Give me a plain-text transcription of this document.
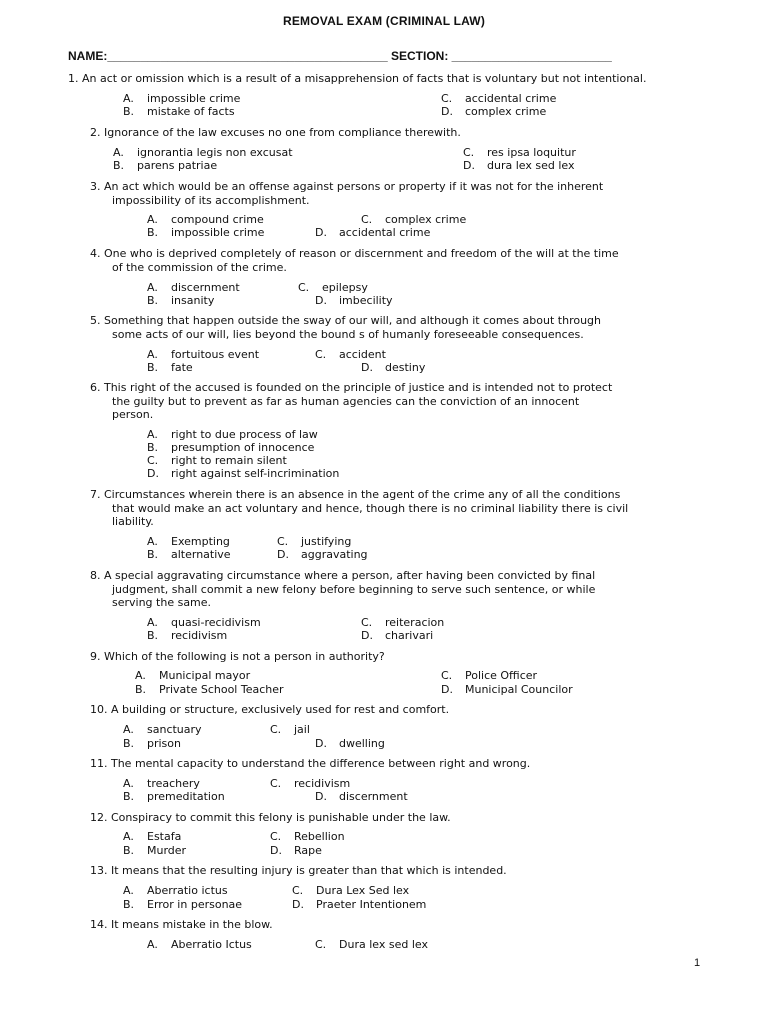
REMOVAL EXAM (CRIMINAL LAW)
NAME:__________________________________________ SECTION: ________________________
1. An act or omission which is a result of a misapprehension of facts that is voluntary but not intentional.
A. impossible crime	C. accidental crime
B. mistake of facts	D. complex crime
2. Ignorance of the law excuses no one from compliance therewith.
A. ignorantia legis non excusat	C. res ipsa loquitur
B. parens patriae	D. dura lex sed lex
3. An act which would be an offense against persons or property if it was not for the inherent
impossibility of its accomplishment.
A. compound crime	C. complex crime
B. impossible crime	D. accidental crime
4. One who is deprived completely of reason or discernment and freedom of the will at the time
of the commission of the crime.
A. discernment	C. epilepsy
B. insanity	D. imbecility
5. Something that happen outside the sway of our will, and although it comes about through
some acts of our will, lies beyond the bound s of humanly foreseeable consequences.
A. fortuitous event	C. accident
B. fate	D. destiny
6. This right of the accused is founded on the principle of justice and is intended not to protect
the guilty but to prevent as far as human agencies can the conviction of an innocent
person.
A. right to due process of law
B. presumption of innocence
C. right to remain silent
D. right against self-incrimination
7. Circumstances wherein there is an absence in the agent of the crime any of all the conditions
that would make an act voluntary and hence, though there is no criminal liability there is civil
liability.
A. Exempting	C. justifying
B. alternative	D. aggravating
8. A special aggravating circumstance where a person, after having been convicted by final
judgment, shall commit a new felony before beginning to serve such sentence, or while
serving the same.
A. quasi-recidivism	C. reiteracion
B. recidivism	D. charivari
9. Which of the following is not a person in authority?
A. Municipal mayor	C. Police Officer
B. Private School Teacher	D. Municipal Councilor
10. A building or structure, exclusively used for rest and comfort.
A. sanctuary	C. jail
B. prison	D. dwelling
11. The mental capacity to understand the difference between right and wrong.
A. treachery	C. recidivism
B. premeditation	D. discernment
12. Conspiracy to commit this felony is punishable under the law.
A. Estafa	C. Rebellion
B. Murder	D. Rape
13. It means that the resulting injury is greater than that which is intended.
A. Aberratio ictus	C. Dura Lex Sed lex
B. Error in personae	D. Praeter Intentionem
14. It means mistake in the blow.
A. Aberratio Ictus	C. Dura lex sed lex
1
